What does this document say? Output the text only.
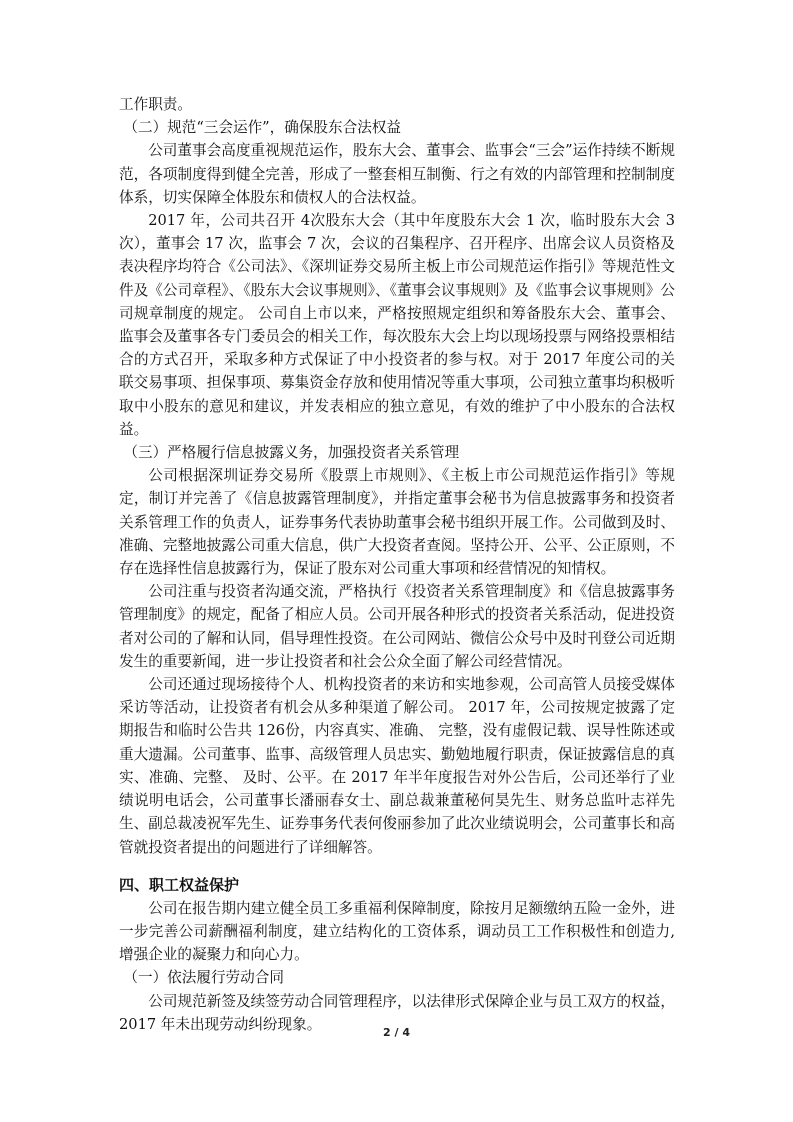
工作职责。

（二）规范“三会运作”，确保股东合法权益

公司董事会高度重视规范运作，股东大会、董事会、监事会“三会”运作持续不断规范，各项制度得到健全完善，形成了一整套相互制衡、行之有效的内部管理和控制制度体系，切实保障全体股东和债权人的合法权益。

2017 年，公司共召开 4次股东大会（其中年度股东大会 1 次，临时股东大会 3次），董事会 17 次，监事会 7 次，会议的召集程序、召开程序、出席会议人员资格及表决程序均符合《公司法》、《深圳证券交易所主板上市公司规范运作指引》等规范性文件及《公司章程》、《股东大会议事规则》、《董事会议事规则》及《监事会议事规则》公司规章制度的规定。 公司自上市以来，严格按照规定组织和筹备股东大会、董事会、监事会及董事各专门委员会的相关工作，每次股东大会上均以现场投票与网络投票相结合的方式召开，采取多种方式保证了中小投资者的参与权。对于 2017 年度公司的关联交易事项、担保事项、募集资金存放和使用情况等重大事项，公司独立董事均积极听取中小股东的意见和建议，并发表相应的独立意见，有效的维护了中小股东的合法权益。

（三）严格履行信息披露义务，加强投资者关系管理

公司根据深圳证券交易所《股票上市规则》、《主板上市公司规范运作指引》等规定，制订并完善了《信息披露管理制度》，并指定董事会秘书为信息披露事务和投资者关系管理工作的负责人，证券事务代表协助董事会秘书组织开展工作。公司做到及时、准确、完整地披露公司重大信息，供广大投资者查阅。坚持公开、公平、公正原则，不存在选择性信息披露行为，保证了股东对公司重大事项和经营情况的知情权。

公司注重与投资者沟通交流，严格执行《投资者关系管理制度》和《信息披露事务管理制度》的规定，配备了相应人员。公司开展各种形式的投资者关系活动，促进投资者对公司的了解和认同，倡导理性投资。在公司网站、微信公众号中及时刊登公司近期发生的重要新闻，进一步让投资者和社会公众全面了解公司经营情况。

公司还通过现场接待个人、机构投资者的来访和实地参观，公司高管人员接受媒体采访等活动，让投资者有机会从多种渠道了解公司。 2017 年，公司按规定披露了定期报告和临时公告共 126份，内容真实、准确、 完整，没有虚假记载、误导性陈述或重大遗漏。公司董事、监事、高级管理人员忠实、勤勉地履行职责，保证披露信息的真实、准确、完整、 及时、公平。在 2017 年半年度报告对外公告后，公司还举行了业绩说明电话会，公司董事长潘丽春女士、副总裁兼董秘何昊先生、财务总监叶志祥先生、副总裁凌祝军先生、证券事务代表何俊丽参加了此次业绩说明会，公司董事长和高管就投资者提出的问题进行了详细解答。

四、职工权益保护

公司在报告期内建立健全员工多重福利保障制度，除按月足额缴纳五险一金外，进一步完善公司薪酬福利制度，建立结构化的工资体系，调动员工工作积极性和创造力,增强企业的凝聚力和向心力。

（一）依法履行劳动合同

公司规范新签及续签劳动合同管理程序，以法律形式保障企业与员工双方的权益，2017 年未出现劳动纠纷现象。	2 / 4
